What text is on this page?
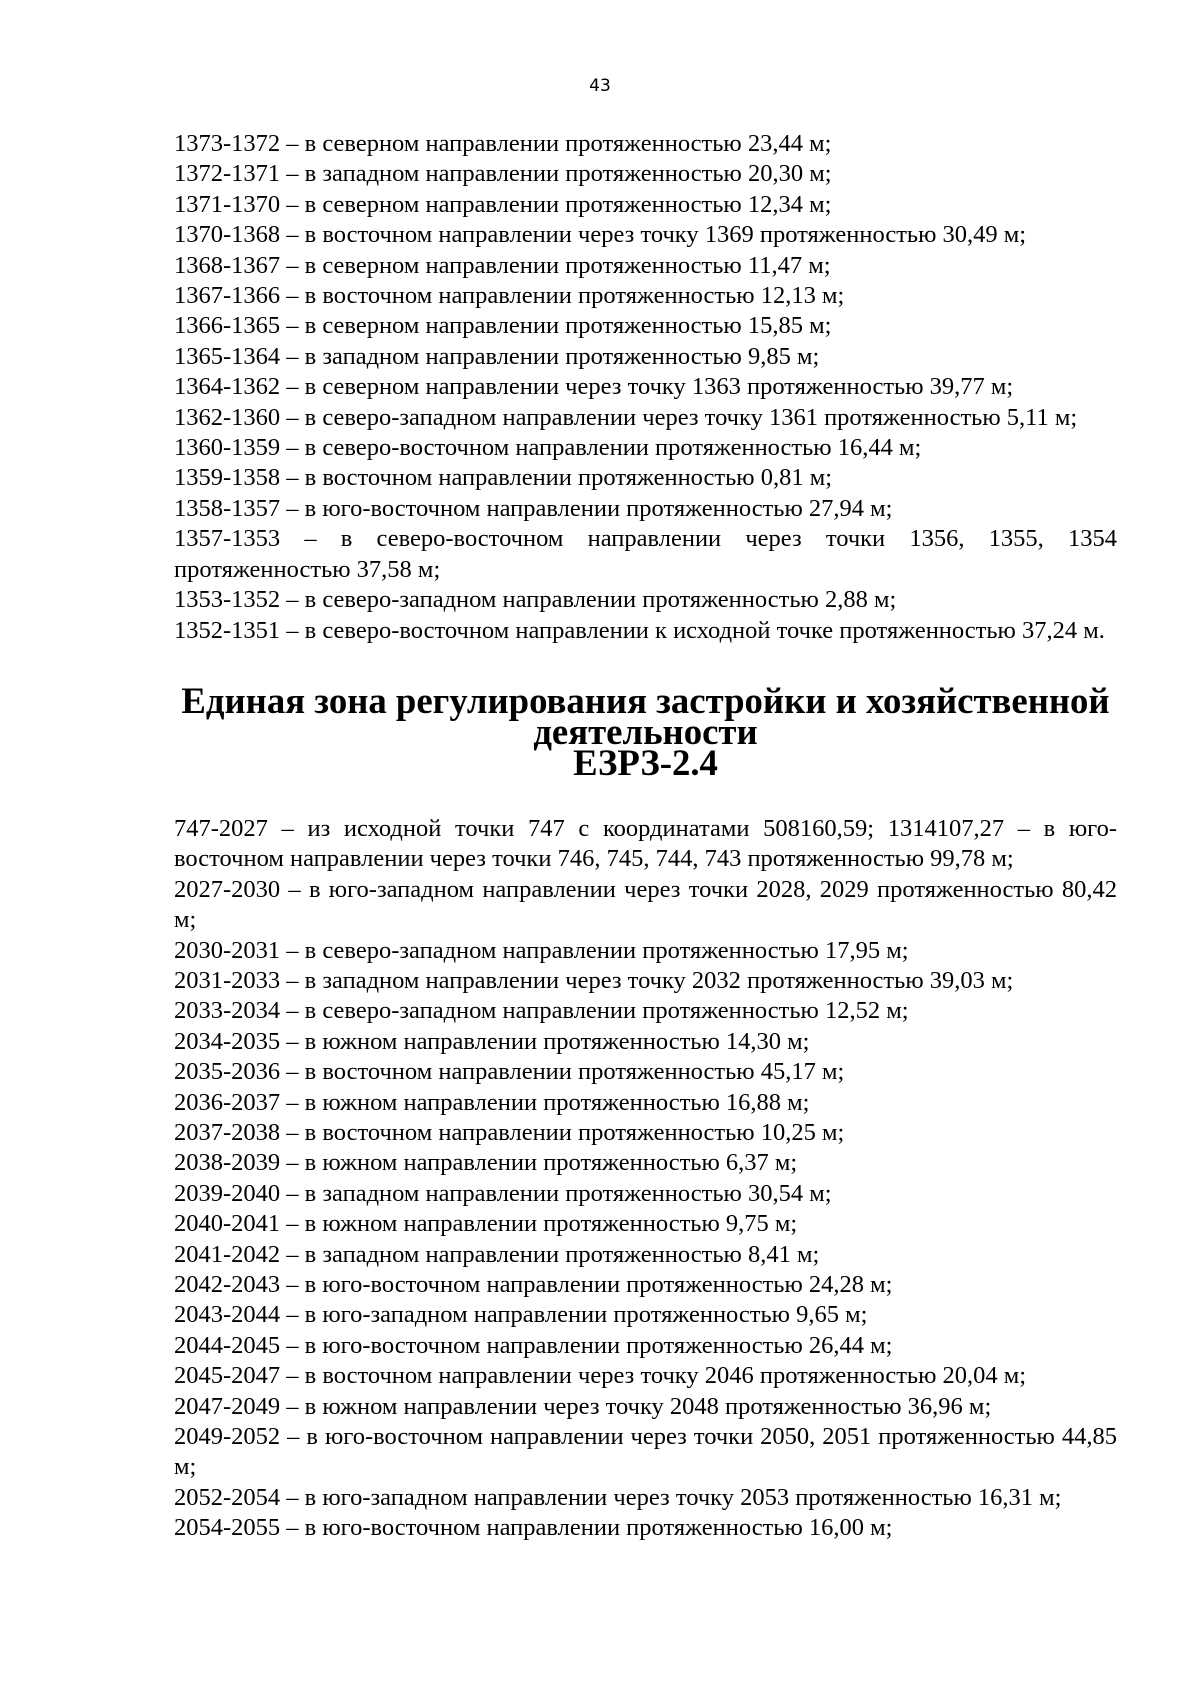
43

1373-1372 – в северном направлении протяженностью 23,44 м;

1372-1371 – в западном направлении протяженностью 20,30 м;

1371-1370 – в северном направлении протяженностью 12,34 м;

1370-1368 – в восточном направлении через точку 1369 протяженностью 30,49 м;

1368-1367 – в северном направлении протяженностью 11,47 м;

1367-1366 – в восточном направлении протяженностью 12,13 м;

1366-1365 – в северном направлении протяженностью 15,85 м;

1365-1364 – в западном направлении протяженностью 9,85 м;

1364-1362 – в северном направлении через точку 1363 протяженностью 39,77 м;

1362-1360 – в северо-западном направлении через точку 1361 протяженностью 5,11 м;

1360-1359 – в северо-восточном направлении протяженностью 16,44 м;

1359-1358 – в восточном направлении протяженностью 0,81 м;

1358-1357 – в юго-восточном направлении протяженностью 27,94 м;

1357-1353 – в северо-восточном направлении через точки 1356, 1355, 1354 протяженностью 37,58 м;

1353-1352 – в северо-западном направлении протяженностью 2,88 м;

1352-1351 – в северо-восточном направлении к исходной точке протяженностью 37,24 м.

Единая зона регулирования застройки и хозяйственной деятельности
ЕЗРЗ-2.4

747-2027 – из исходной точки 747 с координатами 508160,59; 1314107,27 – в юго-восточном направлении через точки 746, 745, 744, 743 протяженностью 99,78 м;

2027-2030 – в юго-западном направлении через точки 2028, 2029 протяженностью 80,42 м;

2030-2031 – в северо-западном направлении протяженностью 17,95 м;

2031-2033 – в западном направлении через точку 2032 протяженностью 39,03 м;

2033-2034 – в северо-западном направлении протяженностью 12,52 м;

2034-2035 – в южном направлении протяженностью 14,30 м;

2035-2036 – в восточном направлении протяженностью 45,17 м;

2036-2037 – в южном направлении протяженностью 16,88 м;

2037-2038 – в восточном направлении протяженностью 10,25 м;

2038-2039 – в южном направлении протяженностью 6,37 м;

2039-2040 – в западном направлении протяженностью 30,54 м;

2040-2041 – в южном направлении протяженностью 9,75 м;

2041-2042 – в западном направлении протяженностью 8,41 м;

2042-2043 – в юго-восточном направлении протяженностью 24,28 м;

2043-2044 – в юго-западном направлении протяженностью 9,65 м;

2044-2045 – в юго-восточном направлении протяженностью 26,44 м;

2045-2047 – в восточном направлении через точку 2046 протяженностью 20,04 м;

2047-2049 – в южном направлении через точку 2048 протяженностью 36,96 м;

2049-2052 – в юго-восточном направлении через точки 2050, 2051 протяженностью 44,85 м;

2052-2054 – в юго-западном направлении через точку 2053 протяженностью 16,31 м;

2054-2055 – в юго-восточном направлении протяженностью 16,00 м;
